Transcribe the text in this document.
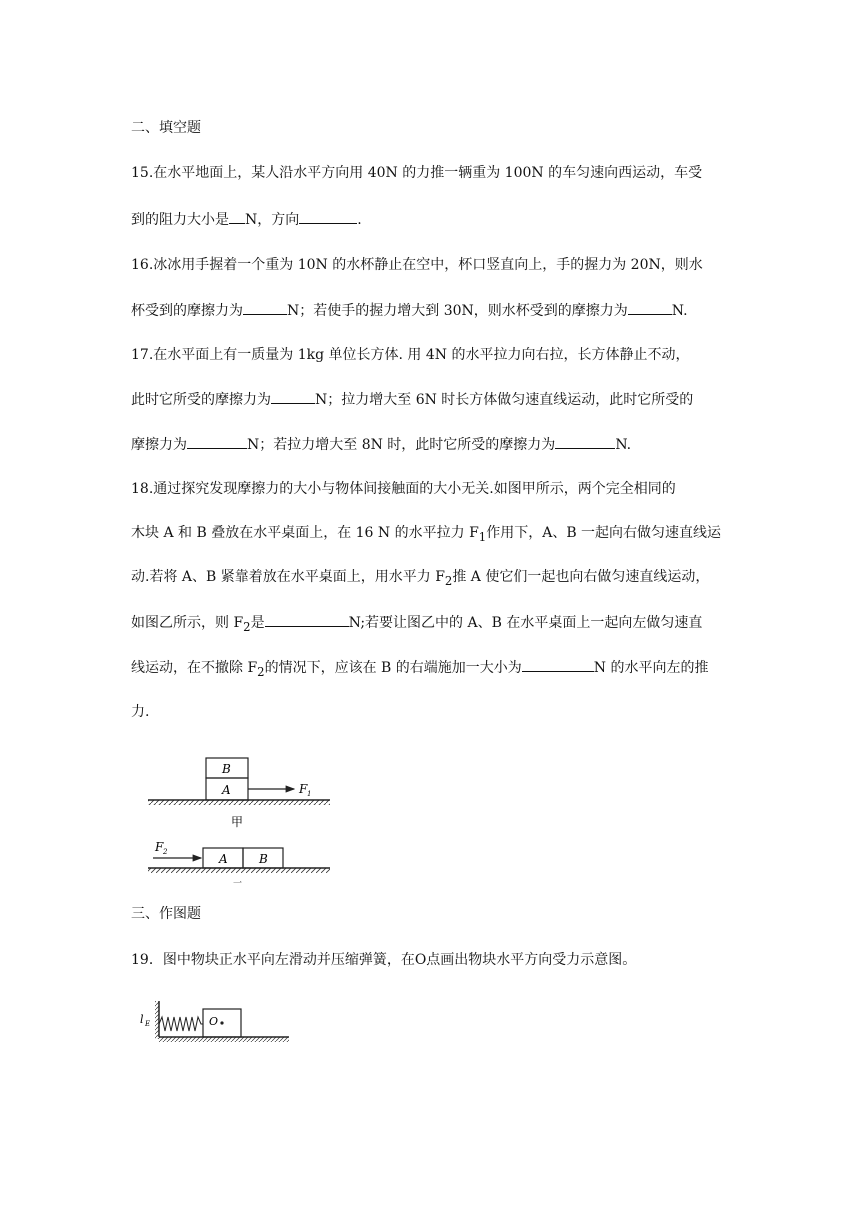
二、填空题
15.在水平地面上，某人沿水平方向用 40N 的力推一辆重为 100N 的车匀速向西运动，车受
到的阻力大小是 N，方向	.
16.冰冰用手握着一个重为 10N 的水杯静止在空中，杯口竖直向上，手的握力为 20N，则水
杯受到的摩擦力为	N；若使手的握力增大到 30N，则水杯受到的摩擦力为	N.
17.在水平面上有一质量为 1kg 单位长方体. 用 4N 的水平拉力向右拉，长方体静止不动，
此时它所受的摩擦力为	N；拉力增大至 6N 时长方体做匀速直线运动，此时它所受的
摩擦力为	N；若拉力增大至 8N 时，此时它所受的摩擦力为	N.
18.通过探究发现摩擦力的大小与物体间接触面的大小无关.如图甲所示，两个完全相同的
木块 A 和 B 叠放在水平桌面上，在 16 N 的水平拉力 $F_1$作用下，A、B 一起向右做匀速直线运
动.若将 A、B 紧靠着放在水平桌面上，用水平力 $F_2$推 A 使它们一起也向右做匀速直线运动，
如图乙所示，则 $F_2$是	N;若要让图乙中的 A、B 在水平桌面上一起向左做匀速直
线运动，在不撤除 $F_2$的情况下，应该在 B 的右端施加一大小为	N 的水平向左的推
力.
B
A	F 1
甲
A	B
F 2
一
三、作图题
19．图中物块正水平向左滑动并压缩弹簧，在O点画出物块水平方向受力示意图。
l E	O
